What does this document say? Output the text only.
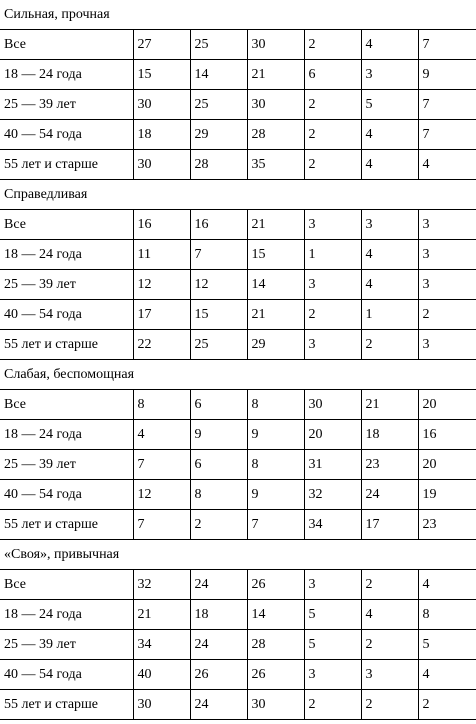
Сильная, прочная						
Все	27	25	30	2	4	7
18 — 24 года	15	14	21	6	3	9
25 — 39 лет	30	25	30	2	5	7
40 — 54 года	18	29	28	2	4	7
55 лет и старше	30	28	35	2	4	4
Справедливая						
Все	16	16	21	3	3	3
18 — 24 года	11	7	15	1	4	3
25 — 39 лет	12	12	14	3	4	3
40 — 54 года	17	15	21	2	1	2
55 лет и старше	22	25	29	3	2	3
Слабая, беспомощная						
Все	8	6	8	30	21	20
18 — 24 года	4	9	9	20	18	16
25 — 39 лет	7	6	8	31	23	20
40 — 54 года	12	8	9	32	24	19
55 лет и старше	7	2	7	34	17	23
«Своя», привычная						
Все	32	24	26	3	2	4
18 — 24 года	21	18	14	5	4	8
25 — 39 лет	34	24	28	5	2	5
40 — 54 года	40	26	26	3	3	4
55 лет и старше	30	24	30	2	2	2
